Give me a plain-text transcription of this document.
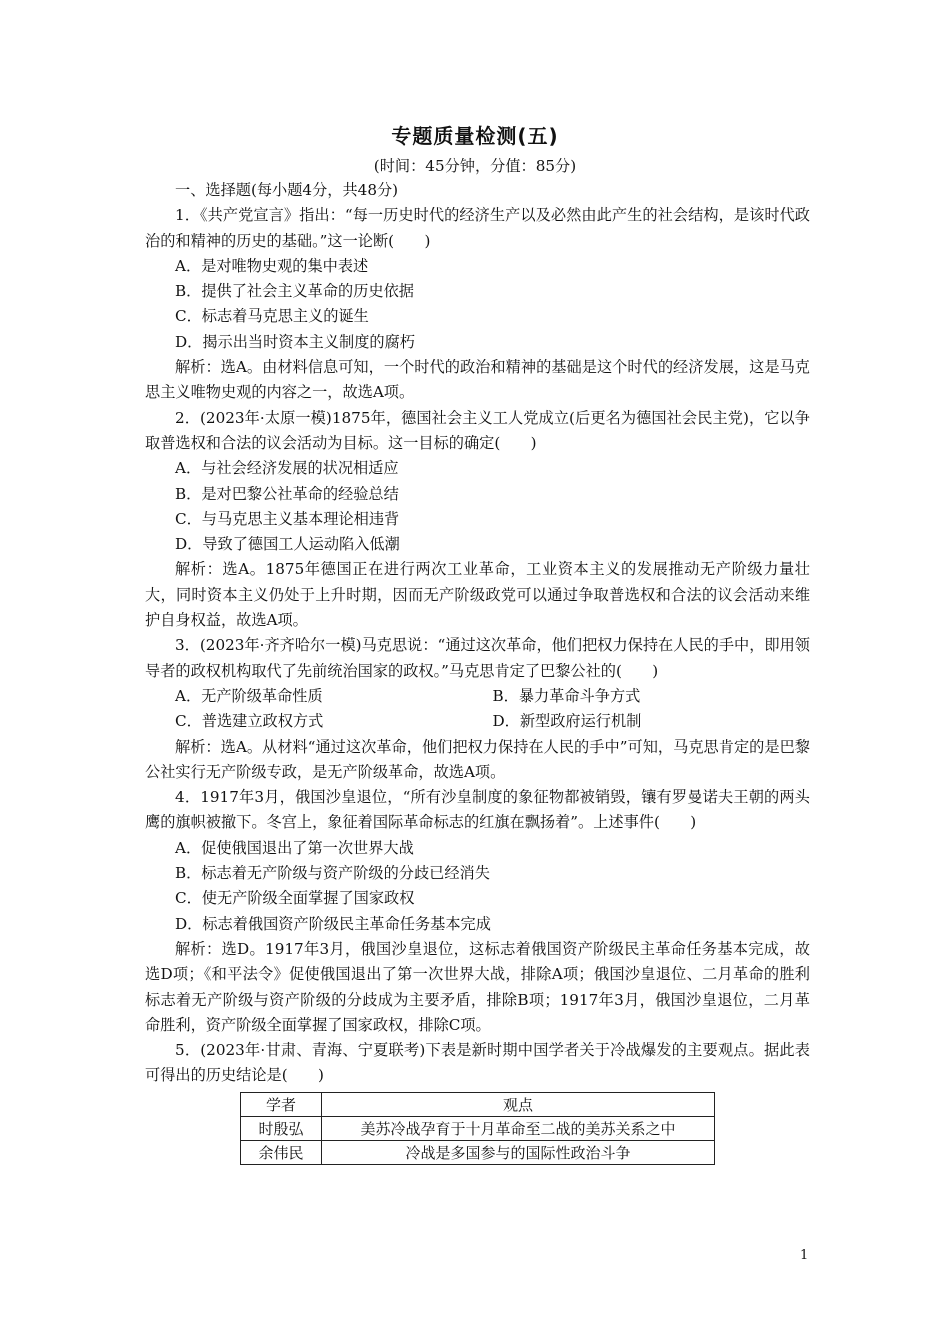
专题质量检测(五)
(时间：45分钟，分值：85分)
一、选择题(每小题4分，共48分)
1．《共产党宣言》指出：“每一历史时代的经济生产以及必然由此产生的社会结构，是该时代政治的和精神的历史的基础。”这一论断(　　)
A．是对唯物史观的集中表述
B．提供了社会主义革命的历史依据
C．标志着马克思主义的诞生
D．揭示出当时资本主义制度的腐朽
解析：选A。由材料信息可知，一个时代的政治和精神的基础是这个时代的经济发展，这是马克思主义唯物史观的内容之一，故选A项。
2．(2023年·太原一模)1875年，德国社会主义工人党成立(后更名为德国社会民主党)，它以争取普选权和合法的议会活动为目标。这一目标的确定(　　)
A．与社会经济发展的状况相适应
B．是对巴黎公社革命的经验总结
C．与马克思主义基本理论相违背
D．导致了德国工人运动陷入低潮
解析：选A。1875年德国正在进行两次工业革命，工业资本主义的发展推动无产阶级力量壮大，同时资本主义仍处于上升时期，因而无产阶级政党可以通过争取普选权和合法的议会活动来维护自身权益，故选A项。
3．(2023年·齐齐哈尔一模)马克思说：“通过这次革命，他们把权力保持在人民的手中，即用领导者的政权机构取代了先前统治国家的政权。”马克思肯定了巴黎公社的(　　)
A．无产阶级革命性质	B．暴力革命斗争方式
C．普选建立政权方式	D．新型政府运行机制
解析：选A。从材料“通过这次革命，他们把权力保持在人民的手中”可知，马克思肯定的是巴黎公社实行无产阶级专政，是无产阶级革命，故选A项。
4．1917年3月，俄国沙皇退位，“所有沙皇制度的象征物都被销毁，镶有罗曼诺夫王朝的两头鹰的旗帜被撤下。冬宫上，象征着国际革命标志的红旗在飘扬着”。上述事件(　　)
A．促使俄国退出了第一次世界大战
B．标志着无产阶级与资产阶级的分歧已经消失
C．使无产阶级全面掌握了国家政权
D．标志着俄国资产阶级民主革命任务基本完成
解析：选D。1917年3月，俄国沙皇退位，这标志着俄国资产阶级民主革命任务基本完成，故选D项；《和平法令》促使俄国退出了第一次世界大战，排除A项；俄国沙皇退位、二月革命的胜利标志着无产阶级与资产阶级的分歧成为主要矛盾，排除B项；1917年3月，俄国沙皇退位，二月革命胜利，资产阶级全面掌握了国家政权，排除C项。
5．(2023年·甘肃、青海、宁夏联考)下表是新时期中国学者关于冷战爆发的主要观点。据此表可得出的历史结论是(　　)
学者	观点
时殷弘	美苏冷战孕育于十月革命至二战的美苏关系之中
余伟民	冷战是多国参与的国际性政治斗争
1
